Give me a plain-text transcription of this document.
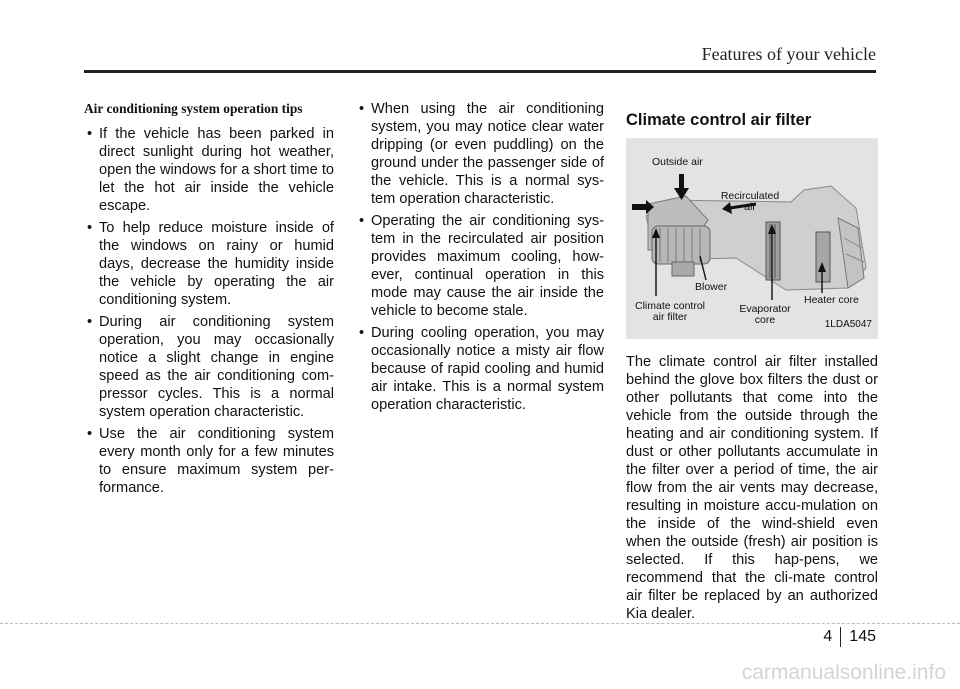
Features of your vehicle
Air conditioning system operation tips
• If the vehicle has been parked in direct sunlight during hot weather, open the windows for a short time to let the hot air inside the vehicle escape.
• To help reduce moisture inside of the windows on rainy or humid days, decrease the humidity inside the vehicle by operating the air conditioning system.
• During air conditioning system operation, you may occasionally notice a slight change in engine speed as the air conditioning com-pressor cycles. This is a normal system operation characteristic.
• Use the air conditioning system every month only for a few minutes to ensure maximum system per-formance.
• When using the air conditioning system, you may notice clear water dripping (or even puddling) on the ground under the passenger side of the vehicle. This is a normal sys-tem operation characteristic.
• Operating the air conditioning sys-tem in the recirculated air position provides maximum cooling, how-ever, continual operation in this mode may cause the air inside the vehicle to become stale.
• During cooling operation, you may occasionally notice a misty air flow because of rapid cooling and humid air intake. This is a normal system operation characteristic.
Climate control air filter
Outside air
Recirculated air
Blower
Climate control air filter
Evaporator core
Heater core
1LDA5047

The climate control air filter installed behind the glove box filters the dust or other pollutants that come into the vehicle from the outside through the heating and air conditioning system. If dust or other pollutants accumulate in the filter over a period of time, the air flow from the air vents may decrease, resulting in moisture accu-mulation on the inside of the wind-shield even when the outside (fresh) air position is selected. If this hap-pens, we recommend that the cli-mate control air filter be replaced by an authorized Kia dealer.

4	145
carmanualsonline.info
